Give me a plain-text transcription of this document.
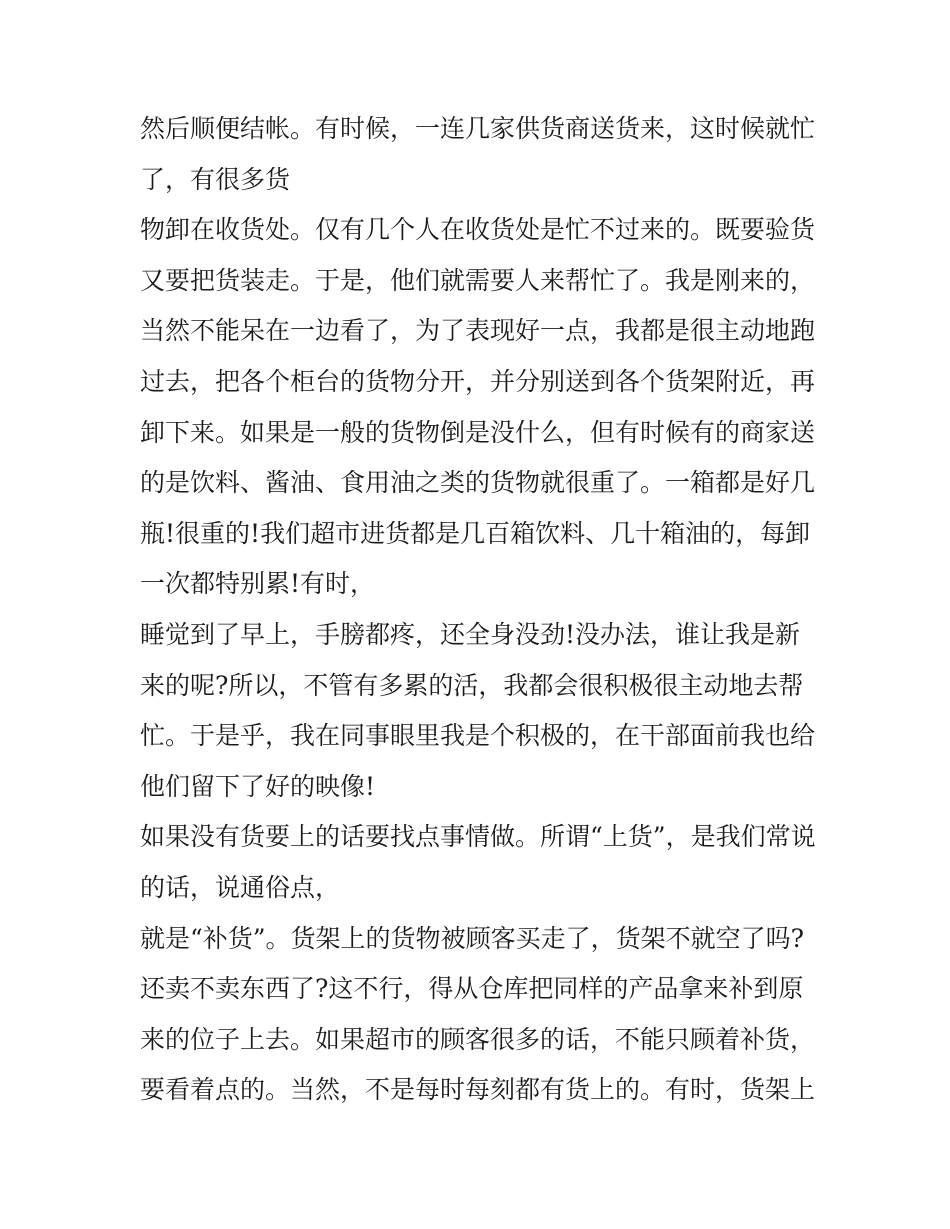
然后顺便结帐。有时候，一连几家供货商送货来，这时候就忙
了，有很多货
物卸在收货处。仅有几个人在收货处是忙不过来的。既要验货
又要把货装走。于是，他们就需要人来帮忙了。我是刚来的，
当然不能呆在一边看了，为了表现好一点，我都是很主动地跑
过去，把各个柜台的货物分开，并分别送到各个货架附近，再
卸下来。如果是一般的货物倒是没什么，但有时候有的商家送
的是饮料、酱油、食用油之类的货物就很重了。一箱都是好几
瓶!很重的!我们超市进货都是几百箱饮料、几十箱油的，每卸
一次都特别累!有时，
睡觉到了早上，手膀都疼，还全身没劲!没办法，谁让我是新
来的呢?所以，不管有多累的活，我都会很积极很主动地去帮
忙。于是乎，我在同事眼里我是个积极的，在干部面前我也给
他们留下了好的映像!
如果没有货要上的话要找点事情做。所谓“上货”，是我们常说
的话，说通俗点，
就是“补货”。货架上的货物被顾客买走了，货架不就空了吗?
还卖不卖东西了?这不行，得从仓库把同样的产品拿来补到原
来的位子上去。如果超市的顾客很多的话，不能只顾着补货，
要看着点的。当然，不是每时每刻都有货上的。有时，货架上
